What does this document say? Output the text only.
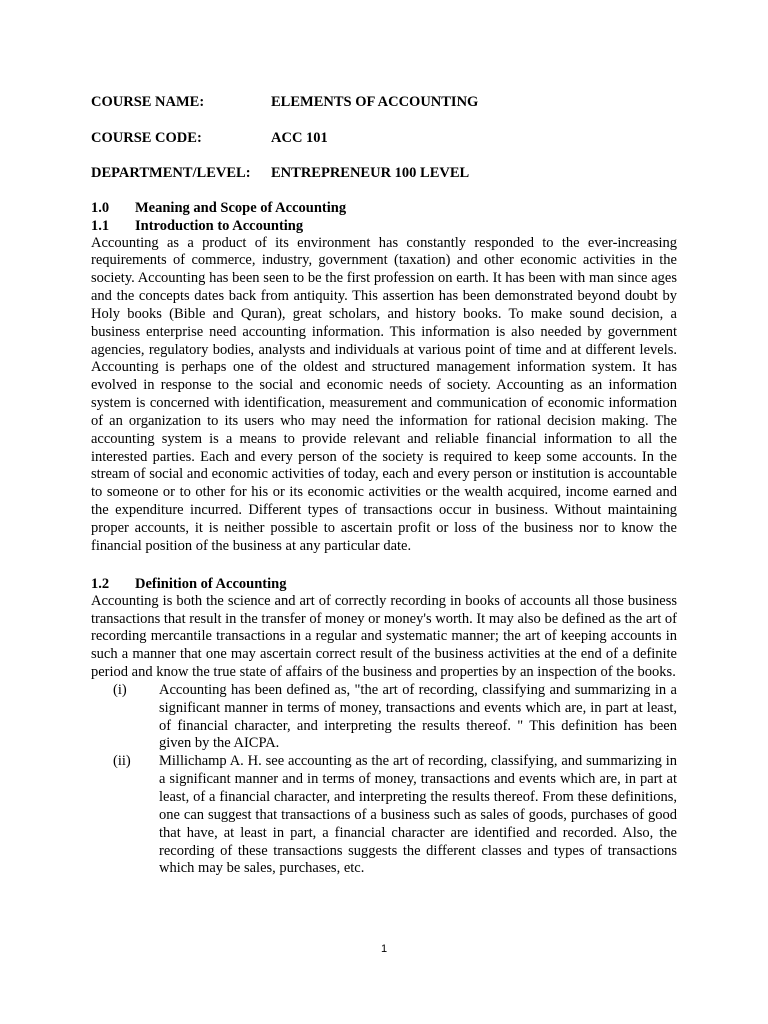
COURSE NAME:	ELEMENTS OF ACCOUNTING
COURSE CODE:	ACC 101
DEPARTMENT/LEVEL:	ENTREPRENEUR 100 LEVEL
1.0	Meaning and Scope of Accounting
1.1	Introduction to Accounting

Accounting as a product of its environment has constantly responded to the ever-increasing requirements of commerce, industry, government (taxation) and other economic activities in the society. Accounting has been seen to be the first profession on earth. It has been with man since ages and the concepts dates back from antiquity. This assertion has been demonstrated beyond doubt by Holy books (Bible and Quran), great scholars, and history books. To make sound decision, a business enterprise need accounting information. This information is also needed by government agencies, regulatory bodies, analysts and individuals at various point of time and at different levels. Accounting is perhaps one of the oldest and structured management information system. It has evolved in response to the social and economic needs of society. Accounting as an information system is concerned with identification, measurement and communication of economic information of an organization to its users who may need the information for rational decision making. The accounting system is a means to provide relevant and reliable financial information to all the interested parties. Each and every person of the society is required to keep some accounts. In the stream of social and economic activities of today, each and every person or institution is accountable to someone or to other for his or its economic activities or the wealth acquired, income earned and the expenditure incurred. Different types of transactions occur in business. Without maintaining proper accounts, it is neither possible to ascertain profit or loss of the business nor to know the financial position of the business at any particular date.

1.2	Definition of Accounting

Accounting is both the science and art of correctly recording in books of accounts all those business transactions that result in the transfer of money or money's worth. It may also be defined as the art of recording mercantile transactions in a regular and systematic manner; the art of keeping accounts in such a manner that one may ascertain correct result of the business activities at the end of a definite period and know the true state of affairs of the business and properties by an inspection of the books.

(i)	Accounting has been defined as, "the art of recording, classifying and summarizing in a significant manner in terms of money, transactions and events which are, in part at least, of financial character, and interpreting the results thereof. " This definition has been given by the AICPA.
(ii)	Millichamp A. H. see accounting as the art of recording, classifying, and summarizing in a significant manner and in terms of money, transactions and events which are, in part at least, of a financial character, and interpreting the results thereof. From these definitions, one can suggest that transactions of a business such as sales of goods, purchases of good that have, at least in part, a financial character are identified and recorded. Also, the recording of these transactions suggests the different classes and types of transactions which may be sales, purchases, etc.
1
